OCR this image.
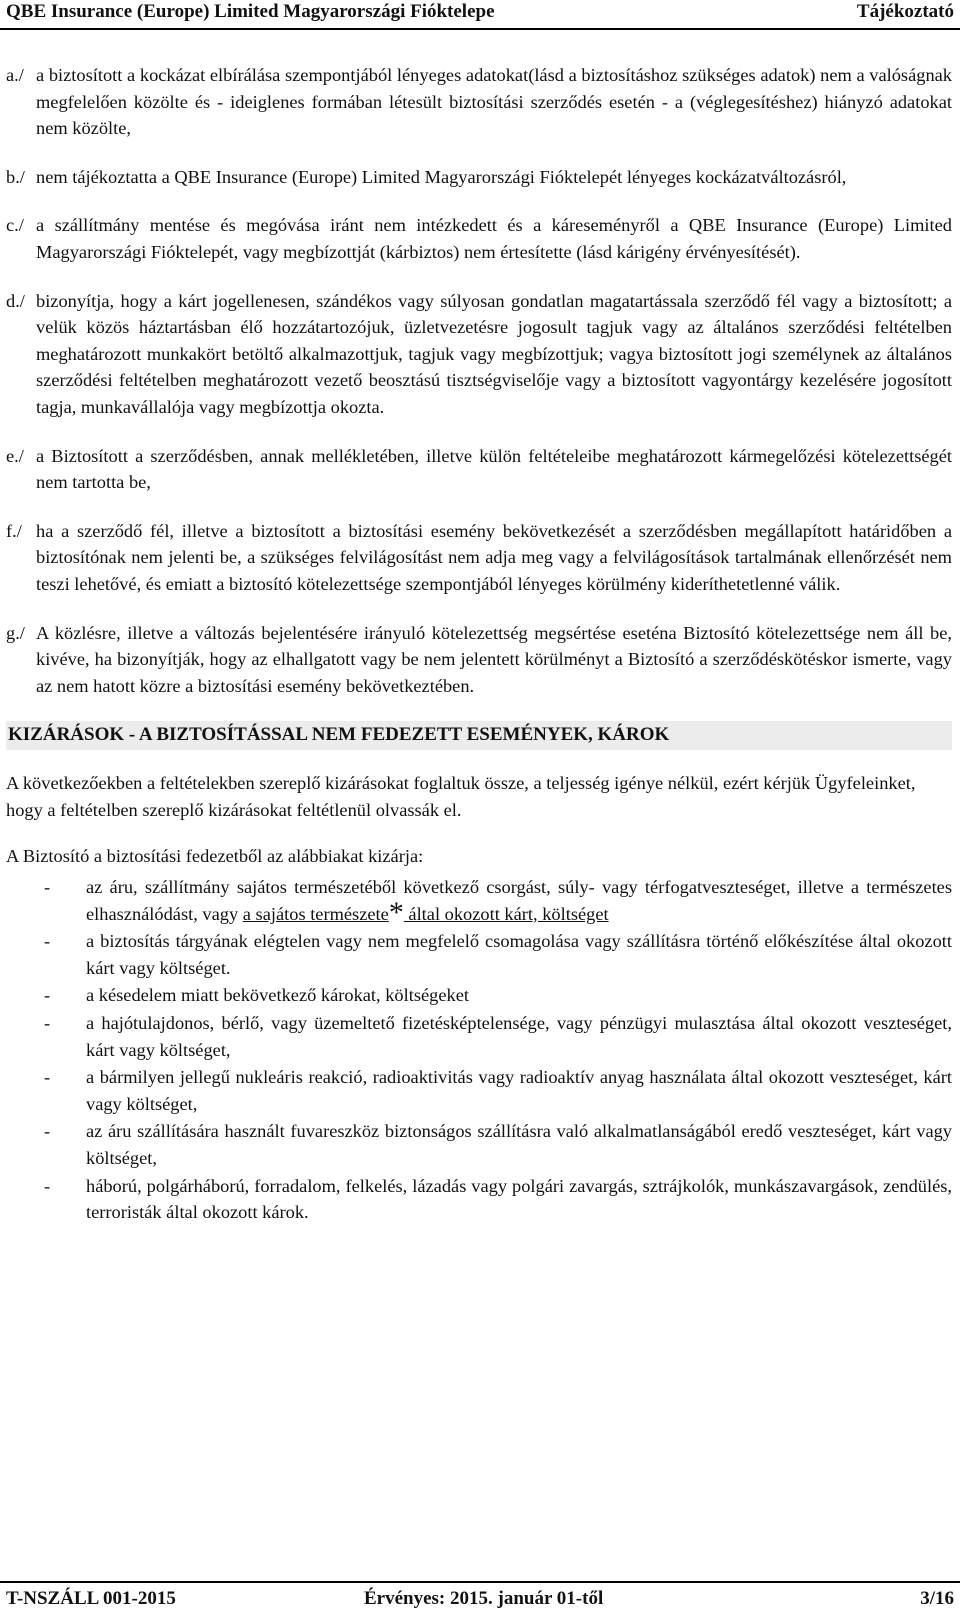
QBE Insurance (Europe) Limited Magyarországi Fióktelepe	Tájékoztató
a./ a biztosított a kockázat elbírálása szempontjából lényeges adatokat(lásd a biztosításhoz szükséges adatok) nem a valóságnak megfelelően közölte és - ideiglenes formában létesült biztosítási szerződés esetén - a (véglegesítéshez) hiányzó adatokat nem közölte,
b./ nem tájékoztatta a QBE Insurance (Europe) Limited Magyarországi Fióktelepét lényeges kockázatváltozásról,
c./ a szállítmány mentése és megóvása iránt nem intézkedett és a káreseményről a QBE Insurance (Europe) Limited Magyarországi Fióktelepét, vagy megbízottját (kárbiztos) nem értesítette (lásd kárigény érvényesítését).
d./ bizonyítja, hogy a kárt jogellenesen, szándékos vagy súlyosan gondatlan magatartássala szerződő fél vagy a biztosított; a velük közös háztartásban élő hozzátartozójuk, üzletvezetésre jogosult tagjuk vagy az általános szerződési feltételben meghatározott munkakört betöltő alkalmazottjuk, tagjuk vagy megbízottjuk; vagya biztosított jogi személynek az általános szerződési feltételben meghatározott vezető beosztású tisztségviselője vagy a biztosított vagyontárgy kezelésére jogosított tagja, munkavállalója vagy megbízottja okozta.
e./ a Biztosított a szerződésben, annak mellékletében, illetve külön feltételeibe meghatározott kármegelőzési kötelezettségét nem tartotta be,
f./ ha a szerződő fél, illetve a biztosított a biztosítási esemény bekövetkezését a szerződésben megállapított határidőben a biztosítónak nem jelenti be, a szükséges felvilágosítást nem adja meg vagy a felvilágosítások tartalmának ellenőrzését nem teszi lehetővé, és emiatt a biztosító kötelezettsége szempontjából lényeges körülmény kideríthetetlenné válik.
g./ A közlésre, illetve a változás bejelentésére irányuló kötelezettség megsértése eseténa Biztosító kötelezettsége nem áll be, kivéve, ha bizonyítják, hogy az elhallgatott vagy be nem jelentett körülményt a Biztosító a szerződéskötéskor ismerte, vagy az nem hatott közre a biztosítási esemény bekövetkeztében.
KIZÁRÁSOK - A BIZTOSÍTÁSSAL NEM FEDEZETT ESEMÉNYEK, KÁROK
A következőekben a feltételekben szereplő kizárásokat foglaltuk össze, a teljesség igénye nélkül, ezért kérjük Ügyfeleinket, hogy a feltételben szereplő kizárásokat feltétlenül olvassák el.
A Biztosító a biztosítási fedezetből az alábbiakat kizárja:
- az áru, szállítmány sajátos természetéből következő csorgást, súly- vagy térfogatveszteséget, illetve a természetes elhasználódást, vagy a sajátos természete* által okozott kárt, költséget
- a biztosítás tárgyának elégtelen vagy nem megfelelő csomagolása vagy szállításra történő előkészítése által okozott kárt vagy költséget.
- a késedelem miatt bekövetkező károkat, költségeket
- a hajótulajdonos, bérlő, vagy üzemeltető fizetésképtelensége, vagy pénzügyi mulasztása által okozott veszteséget, kárt vagy költséget,
- a bármilyen jellegű nukleáris reakció, radioaktivitás vagy radioaktív anyag használata által okozott veszteséget, kárt vagy költséget,
- az áru szállítására használt fuvareszköz biztonságos szállításra való alkalmatlanságából eredő veszteséget, kárt vagy költséget,
- háború, polgárháború, forradalom, felkelés, lázadás vagy polgári zavargás, sztrájkolók, munkászavargások, zendülés, terroristák által okozott károk.
T-NSZÁLL 001-2015	Érvényes: 2015. január 01-től	3/16
